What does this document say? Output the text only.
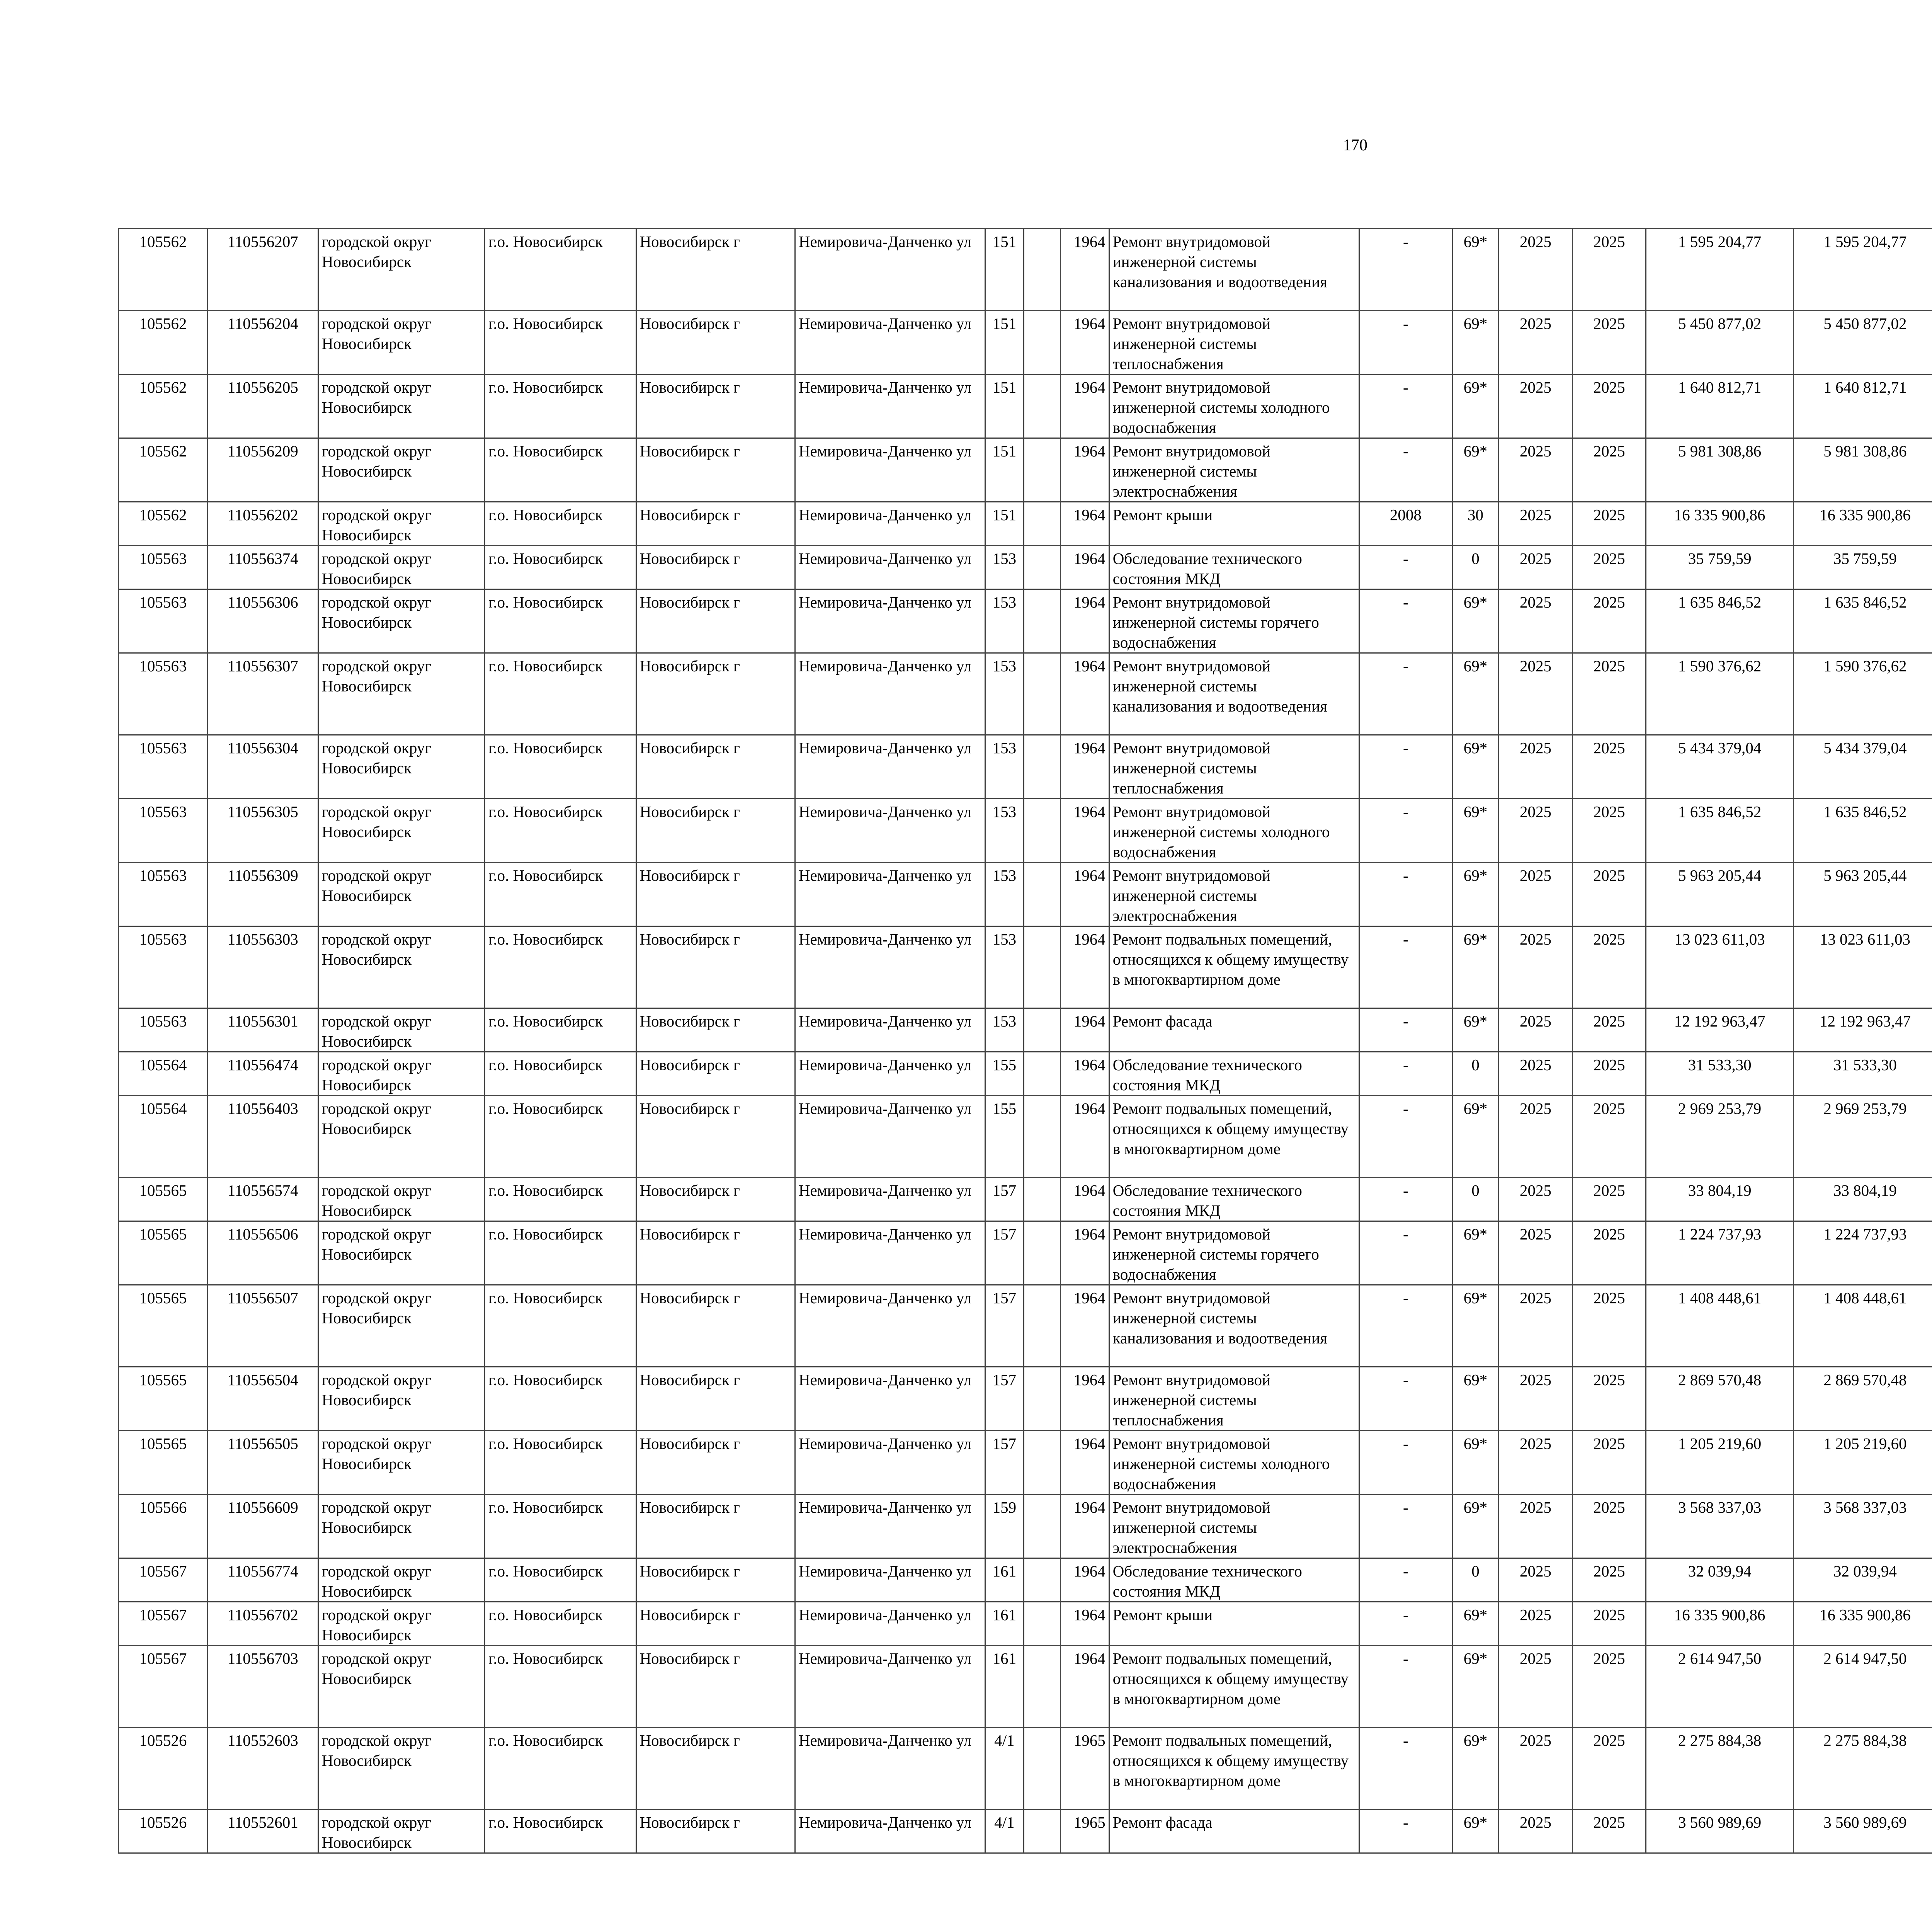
170
105562	110556207	городской округ Новосибирск	г.о. Новосибирск	Новосибирск г	Немировича-Данченко ул	151		1964	Ремонт внутридомовой инженерной системы канализования и водоотведения	-	69*	2025	2025	1 595 204,77	1 595 204,77						
105562	110556204	городской округ Новосибирск	г.о. Новосибирск	Новосибирск г	Немировича-Данченко ул	151		1964	Ремонт внутридомовой инженерной системы теплоснабжения	-	69*	2025	2025	5 450 877,02	5 450 877,02						
105562	110556205	городской округ Новосибирск	г.о. Новосибирск	Новосибирск г	Немировича-Данченко ул	151		1964	Ремонт внутридомовой инженерной системы холодного водоснабжения	-	69*	2025	2025	1 640 812,71	1 640 812,71						
105562	110556209	городской округ Новосибирск	г.о. Новосибирск	Новосибирск г	Немировича-Данченко ул	151		1964	Ремонт внутридомовой инженерной системы электроснабжения	-	69*	2025	2025	5 981 308,86	5 981 308,86						
105562	110556202	городской округ Новосибирск	г.о. Новосибирск	Новосибирск г	Немировича-Данченко ул	151		1964	Ремонт крыши	2008	30	2025	2025	16 335 900,86	16 335 900,86						
105563	110556374	городской округ Новосибирск	г.о. Новосибирск	Новосибирск г	Немировича-Данченко ул	153		1964	Обследование технического состояния МКД	-	0	2025	2025	35 759,59	35 759,59						
105563	110556306	городской округ Новосибирск	г.о. Новосибирск	Новосибирск г	Немировича-Данченко ул	153		1964	Ремонт внутридомовой инженерной системы горячего водоснабжения	-	69*	2025	2025	1 635 846,52	1 635 846,52						
105563	110556307	городской округ Новосибирск	г.о. Новосибирск	Новосибирск г	Немировича-Данченко ул	153		1964	Ремонт внутридомовой инженерной системы канализования и водоотведения	-	69*	2025	2025	1 590 376,62	1 590 376,62						
105563	110556304	городской округ Новосибирск	г.о. Новосибирск	Новосибирск г	Немировича-Данченко ул	153		1964	Ремонт внутридомовой инженерной системы теплоснабжения	-	69*	2025	2025	5 434 379,04	5 434 379,04						
105563	110556305	городской округ Новосибирск	г.о. Новосибирск	Новосибирск г	Немировича-Данченко ул	153		1964	Ремонт внутридомовой инженерной системы холодного водоснабжения	-	69*	2025	2025	1 635 846,52	1 635 846,52						
105563	110556309	городской округ Новосибирск	г.о. Новосибирск	Новосибирск г	Немировича-Данченко ул	153		1964	Ремонт внутридомовой инженерной системы электроснабжения	-	69*	2025	2025	5 963 205,44	5 963 205,44						
105563	110556303	городской округ Новосибирск	г.о. Новосибирск	Новосибирск г	Немировича-Данченко ул	153		1964	Ремонт подвальных помещений, относящихся к общему имуществу в многоквартирном доме	-	69*	2025	2025	13 023 611,03	13 023 611,03						
105563	110556301	городской округ Новосибирск	г.о. Новосибирск	Новосибирск г	Немировича-Данченко ул	153		1964	Ремонт фасада	-	69*	2025	2025	12 192 963,47	12 192 963,47						
105564	110556474	городской округ Новосибирск	г.о. Новосибирск	Новосибирск г	Немировича-Данченко ул	155		1964	Обследование технического состояния МКД	-	0	2025	2025	31 533,30	31 533,30						
105564	110556403	городской округ Новосибирск	г.о. Новосибирск	Новосибирск г	Немировича-Данченко ул	155		1964	Ремонт подвальных помещений, относящихся к общему имуществу в многоквартирном доме	-	69*	2025	2025	2 969 253,79	2 969 253,79						
105565	110556574	городской округ Новосибирск	г.о. Новосибирск	Новосибирск г	Немировича-Данченко ул	157		1964	Обследование технического состояния МКД	-	0	2025	2025	33 804,19	33 804,19						
105565	110556506	городской округ Новосибирск	г.о. Новосибирск	Новосибирск г	Немировича-Данченко ул	157		1964	Ремонт внутридомовой инженерной системы горячего водоснабжения	-	69*	2025	2025	1 224 737,93	1 224 737,93						
105565	110556507	городской округ Новосибирск	г.о. Новосибирск	Новосибирск г	Немировича-Данченко ул	157		1964	Ремонт внутридомовой инженерной системы канализования и водоотведения	-	69*	2025	2025	1 408 448,61	1 408 448,61						
105565	110556504	городской округ Новосибирск	г.о. Новосибирск	Новосибирск г	Немировича-Данченко ул	157		1964	Ремонт внутридомовой инженерной системы теплоснабжения	-	69*	2025	2025	2 869 570,48	2 869 570,48						
105565	110556505	городской округ Новосибирск	г.о. Новосибирск	Новосибирск г	Немировича-Данченко ул	157		1964	Ремонт внутридомовой инженерной системы холодного водоснабжения	-	69*	2025	2025	1 205 219,60	1 205 219,60						
105566	110556609	городской округ Новосибирск	г.о. Новосибирск	Новосибирск г	Немировича-Данченко ул	159		1964	Ремонт внутридомовой инженерной системы электроснабжения	-	69*	2025	2025	3 568 337,03	3 568 337,03						
105567	110556774	городской округ Новосибирск	г.о. Новосибирск	Новосибирск г	Немировича-Данченко ул	161		1964	Обследование технического состояния МКД	-	0	2025	2025	32 039,94	32 039,94						
105567	110556702	городской округ Новосибирск	г.о. Новосибирск	Новосибирск г	Немировича-Данченко ул	161		1964	Ремонт крыши	-	69*	2025	2025	16 335 900,86	16 335 900,86						
105567	110556703	городской округ Новосибирск	г.о. Новосибирск	Новосибирск г	Немировича-Данченко ул	161		1964	Ремонт подвальных помещений, относящихся к общему имуществу в многоквартирном доме	-	69*	2025	2025	2 614 947,50	2 614 947,50						
105526	110552603	городской округ Новосибирск	г.о. Новосибирск	Новосибирск г	Немировича-Данченко ул	4/1		1965	Ремонт подвальных помещений, относящихся к общему имуществу в многоквартирном доме	-	69*	2025	2025	2 275 884,38	2 275 884,38						
105526	110552601	городской округ Новосибирск	г.о. Новосибирск	Новосибирск г	Немировича-Данченко ул	4/1		1965	Ремонт фасада	-	69*	2025	2025	3 560 989,69	3 560 989,69						
